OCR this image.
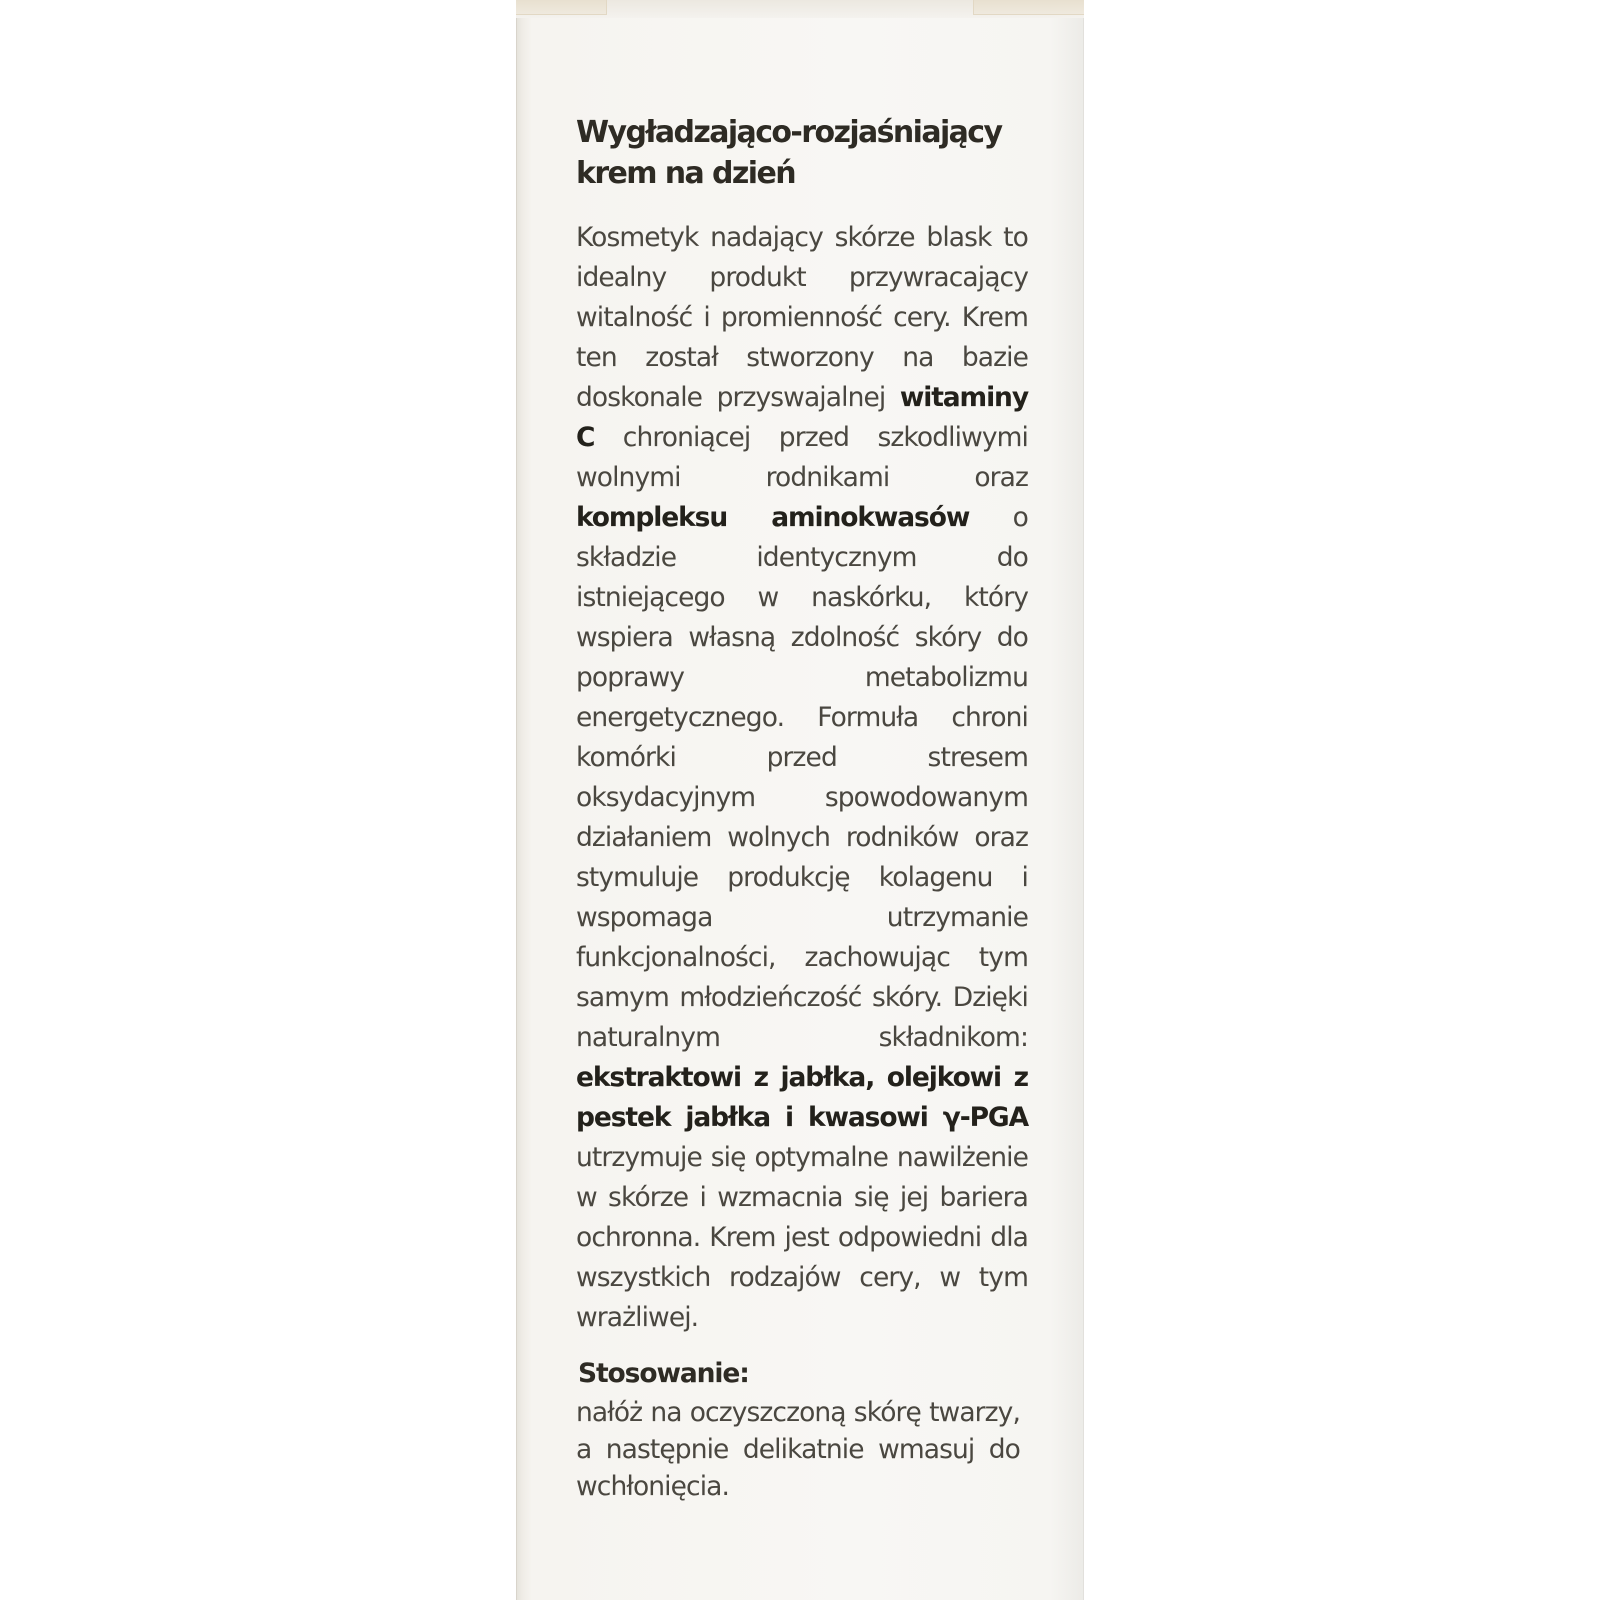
Wygładzająco-rozjaśniający krem na dzień

Kosmetyk nadający skórze blask to idealny produkt przywracający witalność i promienność cery. Krem ten został stworzony na bazie doskonale przyswajalnej witaminy C chroniącej przed szkodliwymi wolnymi rodnikami oraz kompleksu aminokwasów o składzie identycznym do istniejącego w naskórku, który wspiera własną zdolność skóry do poprawy metabolizmu energetycznego. Formuła chroni komórki przed stresem oksydacyjnym spowodowanym działaniem wolnych rodników oraz stymuluje produkcję kolagenu i wspomaga utrzymanie funkcjonalności, zachowując tym samym młodzieńczość skóry. Dzięki naturalnym składnikom: ekstraktowi z jabłka, olejkowi z pestek jabłka i kwasowi γ-PGA utrzymuje się optymalne nawilżenie w skórze i wzmacnia się jej bariera ochronna. Krem jest odpowiedni dla wszystkich rodzajów cery, w tym wrażliwej.

Stosowanie:

nałóż na oczyszczoną skórę twarzy, a następnie delikatnie wmasuj do wchłonięcia.
